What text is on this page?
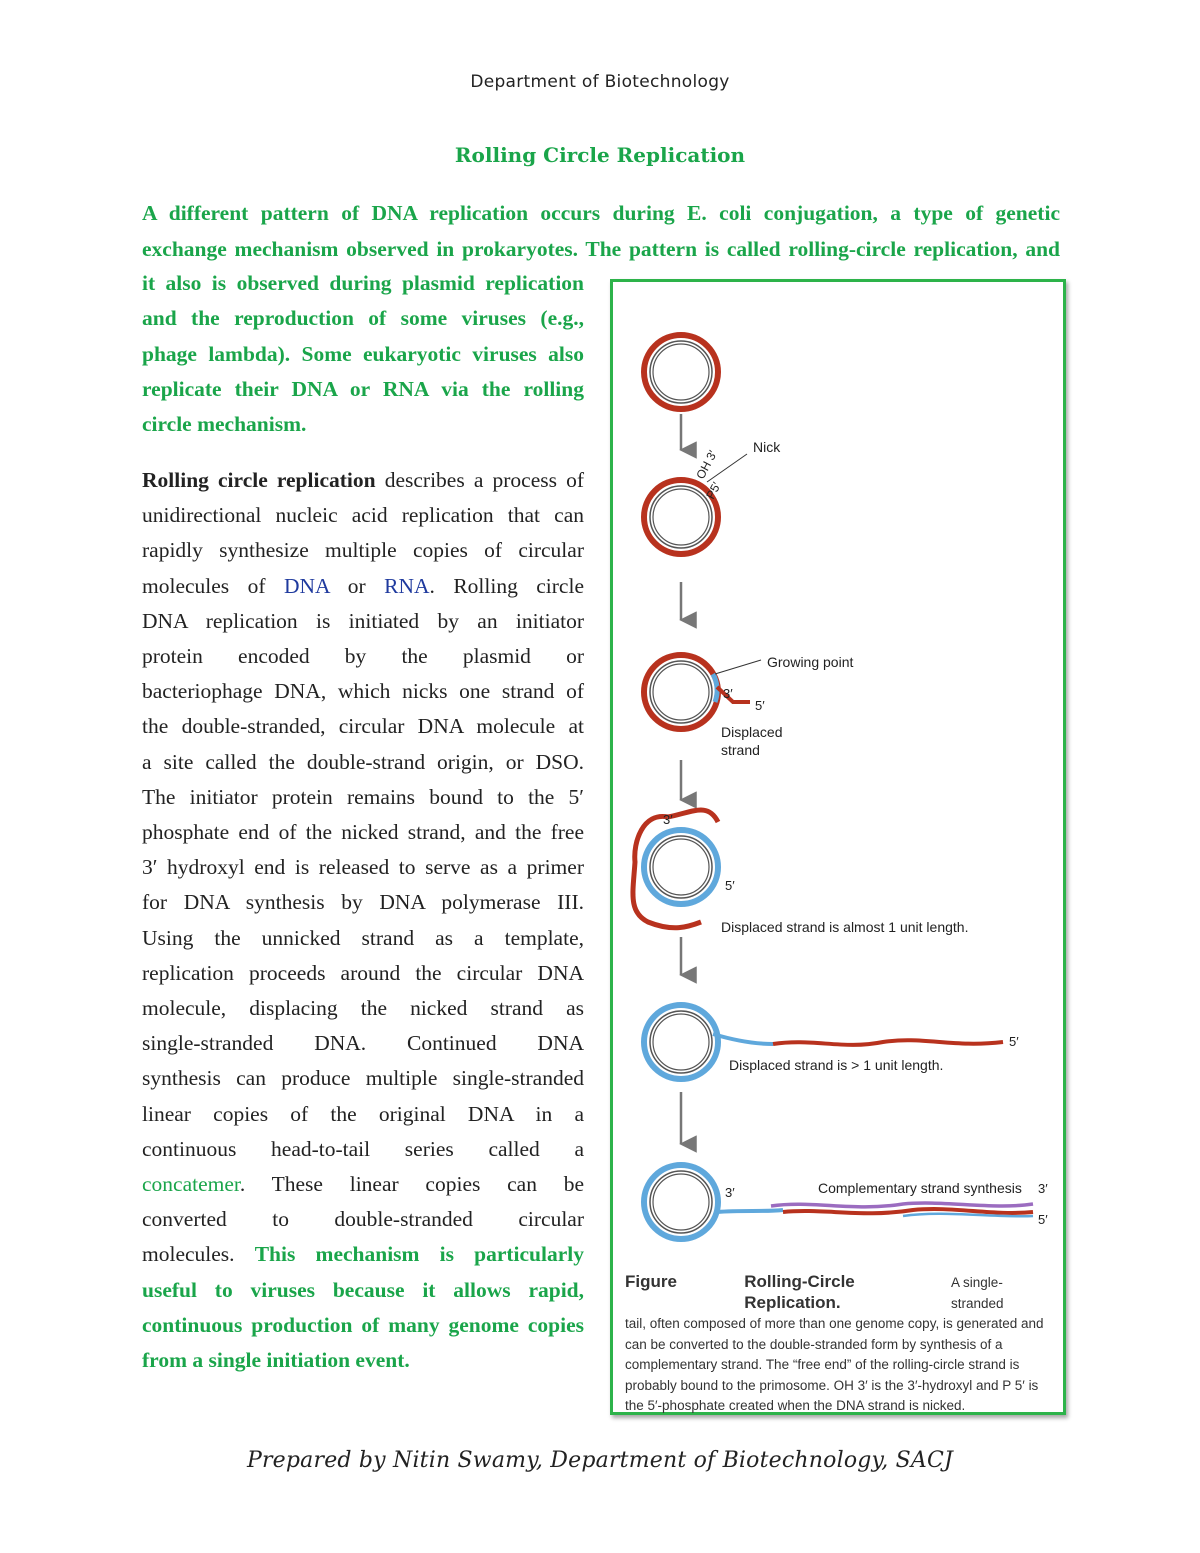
Department of Biotechnology
Rolling Circle Replication
A different pattern of DNA replication occurs during E. coli conjugation, a type of genetic
exchange mechanism observed in prokaryotes. The pattern is called rolling-circle replication, and
it also is observed during plasmid replication
and the reproduction of some viruses (e.g.,
phage lambda). Some eukaryotic viruses also
replicate their DNA or RNA via the rolling
circle mechanism.
Rolling circle replication describes a process of
unidirectional nucleic acid replication that can
rapidly synthesize multiple copies of circular
molecules of DNA or RNA. Rolling circle
DNA replication is initiated by an initiator
protein encoded by the plasmid or
bacteriophage DNA, which nicks one strand of
the double-stranded, circular DNA molecule at
a site called the double-strand origin, or DSO.
The initiator protein remains bound to the 5′
phosphate end of the nicked strand, and the free
3′ hydroxyl end is released to serve as a primer
for DNA synthesis by DNA polymerase III.
Using the unnicked strand as a template,
replication proceeds around the circular DNA
molecule, displacing the nicked strand as
single-stranded DNA. Continued DNA
synthesis can produce multiple single-stranded
linear copies of the original DNA in a
continuous head-to-tail series called a
concatemer. These linear copies can be
converted to double-stranded circular
molecules. This mechanism is particularly
useful to viruses because it allows rapid,
continuous production of many genome copies
from a single initiation event.
OH 3′
P5′
Nick
Growing point
3′
5′
Displaced
strand
3′
5′
Displaced strand is almost 1 unit length.
5′
Displaced strand is > 1 unit length.
3′	Complementary strand synthesis 3′
5′
Figure	Rolling-Circle Replication.
A single-stranded
tail, often composed of more than one genome copy, is generated and can be converted to the double-stranded form by synthesis of a complementary strand. The “free end” of the rolling-circle strand is probably bound to the primosome. OH 3′ is the 3′-hydroxyl and P 5′ is the 5′-phosphate created when the DNA strand is nicked.
Prepared by Nitin Swamy, Department of Biotechnology, SACJ
